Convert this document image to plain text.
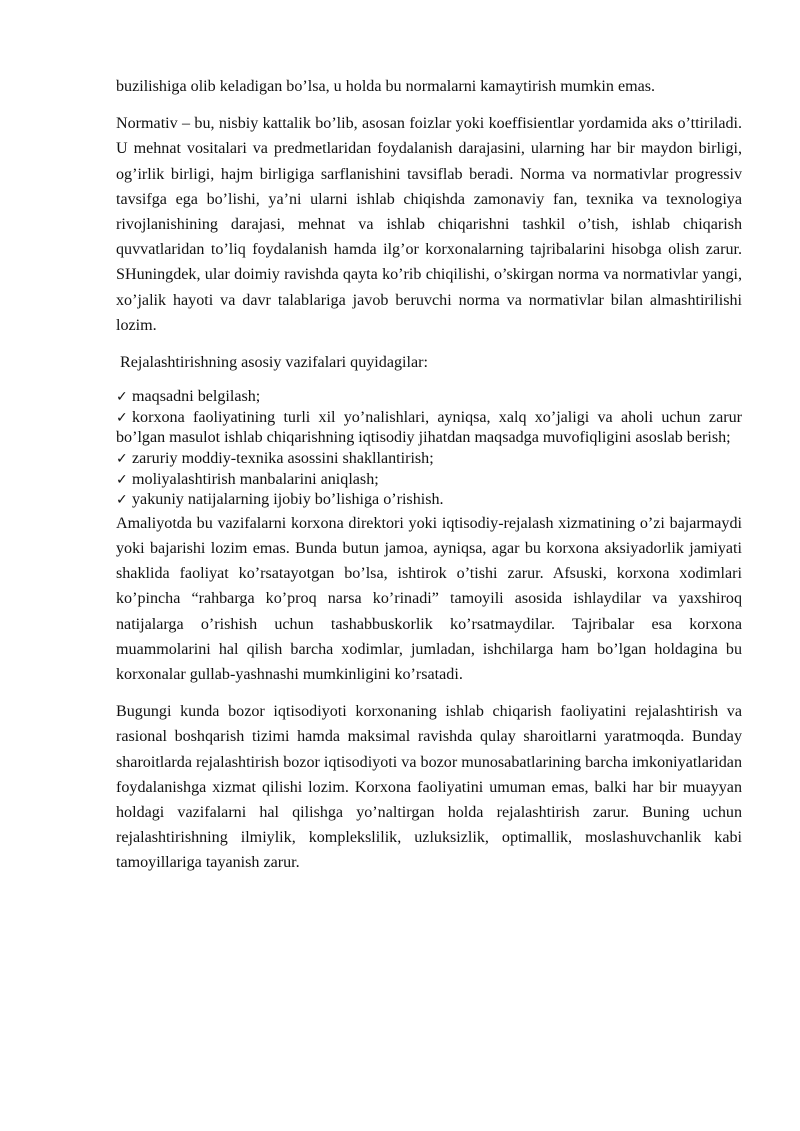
buzilishiga olib keladigan bo’lsa, u holda bu normalarni kamaytirish mumkin emas.

Normativ – bu, nisbiy kattalik bo’lib, asosan foizlar yoki koeffisientlar yordamida aks o’ttiriladi. U mehnat vositalari va predmetlaridan foydalanish darajasini, ularning har bir maydon birligi, og’irlik birligi, hajm birligiga sarflanishini tavsiflab beradi. Norma va normativlar progressiv tavsifga ega bo’lishi, ya’ni ularni ishlab chiqishda zamonaviy fan, texnika va texnologiya rivojlanishining darajasi, mehnat va ishlab chiqarishni tashkil o’tish, ishlab chiqarish quvvatlaridan to’liq foydalanish hamda ilg’or korxonalarning tajribalarini hisobga olish zarur. SHuningdek, ular doimiy ravishda qayta ko’rib chiqilishi, o’skirgan norma va normativlar yangi, xo’jalik hayoti va davr talablariga javob beruvchi norma va normativlar bilan almashtirilishi lozim.

Rejalashtirishning asosiy vazifalari quyidagilar:

✓ maqsadni belgilash;
✓ korxona faoliyatining turli xil yo’nalishlari, ayniqsa, xalq xo’jaligi va aholi uchun zarur bo’lgan masulot ishlab chiqarishning iqtisodiy jihatdan maqsadga muvofiqligini asoslab berish;
✓ zaruriy moddiy-texnika asossini shakllantirish;
✓ moliyalashtirish manbalarini aniqlash;
✓ yakuniy natijalarning ijobiy bo’lishiga o’rishish.

Amaliyotda bu vazifalarni korxona direktori yoki iqtisodiy-rejalash xizmatining o’zi bajarmaydi yoki bajarishi lozim emas. Bunda butun jamoa, ayniqsa, agar bu korxona aksiyadorlik jamiyati shaklida faoliyat ko’rsatayotgan bo’lsa, ishtirok o’tishi zarur. Afsuski, korxona xodimlari ko’pincha “rahbarga ko’proq narsa ko’rinadi” tamoyili asosida ishlaydilar va yaxshiroq natijalarga o’rishish uchun tashabbuskorlik ko’rsatmaydilar. Tajribalar esa korxona muammolarini hal qilish barcha xodimlar, jumladan, ishchilarga ham bo’lgan holdagina bu korxonalar gullab-yashnashi mumkinligini ko’rsatadi.

Bugungi kunda bozor iqtisodiyoti korxonaning ishlab chiqarish faoliyatini rejalashtirish va rasional boshqarish tizimi hamda maksimal ravishda qulay sharoitlarni yaratmoqda. Bunday sharoitlarda rejalashtirish bozor iqtisodiyoti va bozor munosabatlarining barcha imkoniyatlaridan foydalanishga xizmat qilishi lozim. Korxona faoliyatini umuman emas, balki har bir muayyan holdagi vazifalarni hal qilishga yo’naltirgan holda rejalashtirish zarur. Buning uchun rejalashtirishning ilmiylik, komplekslilik, uzluksizlik, optimallik, moslashuvchanlik kabi tamoyillariga tayanish zarur.
